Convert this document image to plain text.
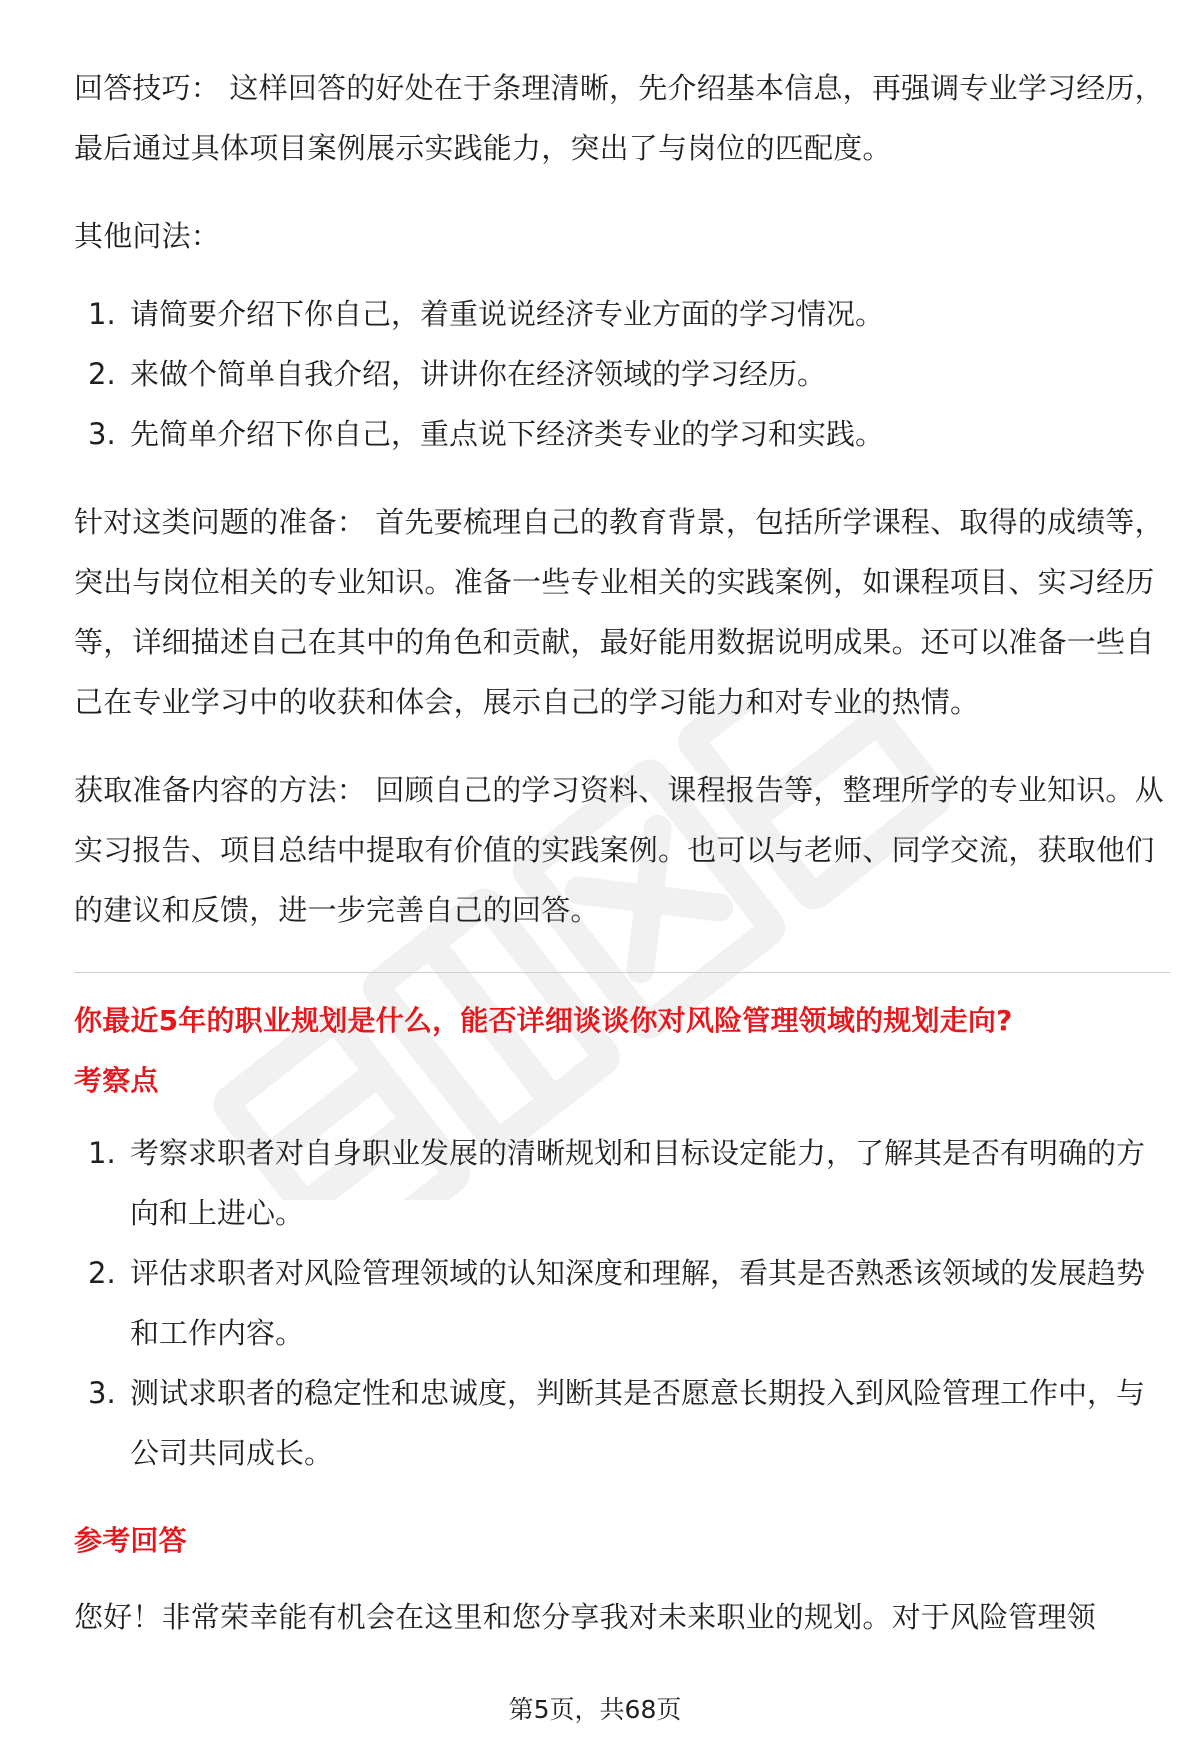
回答技巧： 这样回答的好处在于条理清晰，先介绍基本信息，再强调专业学习经历，最后通过具体项目案例展示实践能力，突出了与岗位的匹配度。

其他问法：

1. 请简要介绍下你自己，着重说说经济专业方面的学习情况。
2. 来做个简单自我介绍，讲讲你在经济领域的学习经历。
3. 先简单介绍下你自己，重点说下经济类专业的学习和实践。

针对这类问题的准备： 首先要梳理自己的教育背景，包括所学课程、取得的成绩等，突出与岗位相关的专业知识。准备一些专业相关的实践案例，如课程项目、实习经历等，详细描述自己在其中的角色和贡献，最好能用数据说明成果。还可以准备一些自己在专业学习中的收获和体会，展示自己的学习能力和对专业的热情。

获取准备内容的方法： 回顾自己的学习资料、课程报告等，整理所学的专业知识。从实习报告、项目总结中提取有价值的实践案例。也可以与老师、同学交流，获取他们的建议和反馈，进一步完善自己的回答。

你最近5年的职业规划是什么，能否详细谈谈你对风险管理领域的规划走向?

考察点

1. 考察求职者对自身职业发展的清晰规划和目标设定能力，了解其是否有明确的方向和上进心。
2. 评估求职者对风险管理领域的认知深度和理解，看其是否熟悉该领域的发展趋势和工作内容。
3. 测试求职者的稳定性和忠诚度，判断其是否愿意长期投入到风险管理工作中，与公司共同成长。

参考回答

您好！非常荣幸能有机会在这里和您分享我对未来职业的规划。对于风险管理领

第5页，共68页
